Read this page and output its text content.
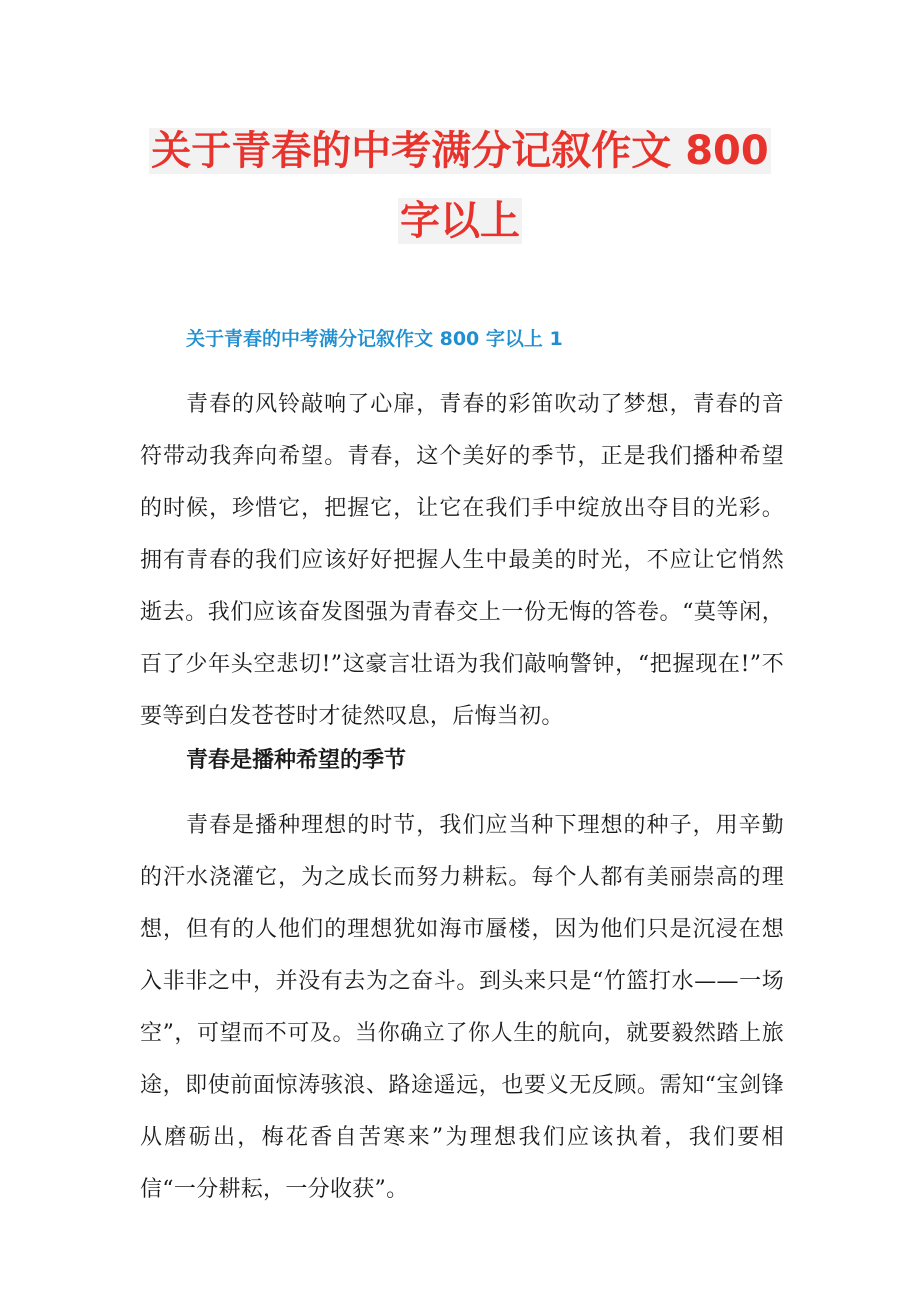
关于青春的中考满分记叙作文 800
字以上
关于青春的中考满分记叙作文 800 字以上 1

青春的风铃敲响了心扉，青春的彩笛吹动了梦想，青春的音符带动我奔向希望。青春，这个美好的季节，正是我们播种希望的时候，珍惜它，把握它，让它在我们手中绽放出夺目的光彩。拥有青春的我们应该好好把握人生中最美的时光，不应让它悄然逝去。我们应该奋发图强为青春交上一份无悔的答卷。“莫等闲，百了少年头空悲切!”这豪言壮语为我们敲响警钟，“把握现在!”不要等到白发苍苍时才徒然叹息，后悔当初。

青春是播种希望的季节

青春是播种理想的时节，我们应当种下理想的种子，用辛勤的汗水浇灌它，为之成长而努力耕耘。每个人都有美丽崇高的理想，但有的人他们的理想犹如海市蜃楼，因为他们只是沉浸在想入非非之中，并没有去为之奋斗。到头来只是“竹篮打水——一场空”，可望而不可及。当你确立了你人生的航向，就要毅然踏上旅途，即使前面惊涛骇浪、路途遥远，也要义无反顾。需知“宝剑锋从磨砺出，梅花香自苦寒来”为理想我们应该执着，我们要相信“一分耕耘，一分收获”。
